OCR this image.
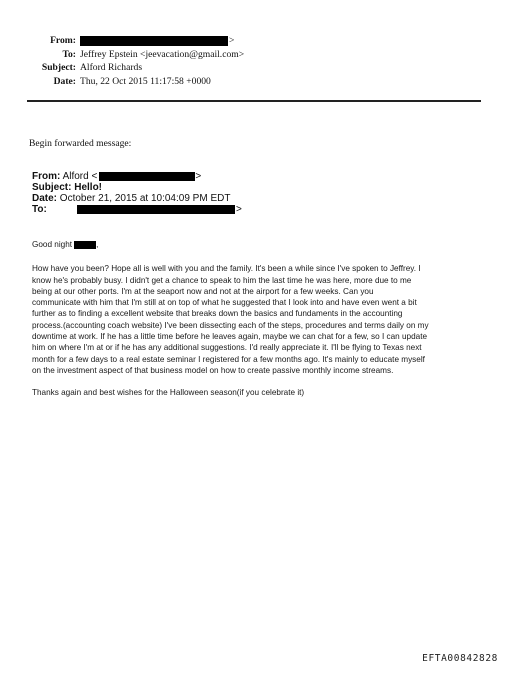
From:	>
To: Jeffrey Epstein <jeevacation@gmail.com>
Subject: Alford Richards
Date: Thu, 22 Oct 2015 11:17:58 +0000
Begin forwarded message:
From: Alford <	>
Subject: Hello!
Date: October 21, 2015 at 10:04:09 PM EDT
To:	>

Good night	,

How have you been? Hope all is well with you and the family. It's been a while since I've spoken to Jeffrey. I
know he's probably busy. I didn't get a chance to speak to him the last time he was here, more due to me
being at our other ports. I'm at the seaport now and not at the airport for a few weeks. Can you
communicate with him that I'm still at on top of what he suggested that I look into and have even went a bit
further as to finding a excellent website that breaks down the basics and fundaments in the accounting
process.(accounting coach website) I've been dissecting each of the steps, procedures and terms daily on my
downtime at work. If he has a little time before he leaves again, maybe we can chat for a few, so I can update
him on where I'm at or if he has any additional suggestions. I'd really appreciate it. I'll be flying to Texas next
month for a few days to a real estate seminar I registered for a few months ago. It's mainly to educate myself
on the investment aspect of that business model on how to create passive monthly income streams.

Thanks again and best wishes for the Halloween season(if you celebrate it)

EFTA00842828
